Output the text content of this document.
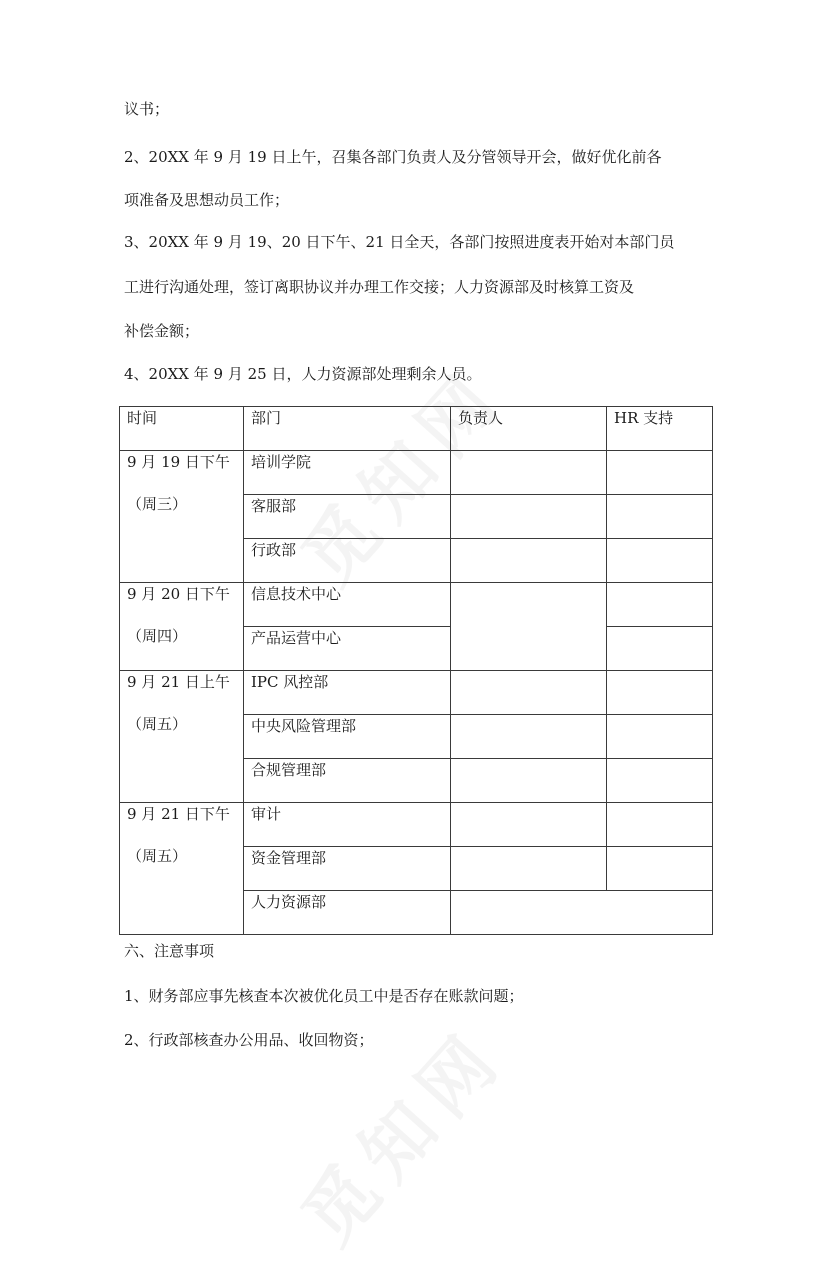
议书；

2、20XX 年 9 月 19 日上午，召集各部门负责人及分管领导开会，做好优化前各

项准备及思想动员工作；

3、20XX 年 9 月 19、20 日下午、21 日全天，各部门按照进度表开始对本部门员

工进行沟通处理，签订离职协议并办理工作交接；人力资源部及时核算工资及

补偿金额；

4、20XX 年 9 月 25 日，人力资源部处理剩余人员。

时间	部门	负责人	HR 支持

9 月 19 日下午
（周三）	培训学院		
	客服部		
	行政部		

9 月 20 日下午
（周四）	信息技术中心		
	产品运营中心		

9 月 21 日上午
（周五）	IPC 风控部		
	中央风险管理部		
	合规管理部		

9 月 21 日下午
（周五）	审计		
	资金管理部		
	人力资源部		

六、注意事项

1、财务部应事先核查本次被优化员工中是否存在账款问题；

2、行政部核查办公用品、收回物资；
